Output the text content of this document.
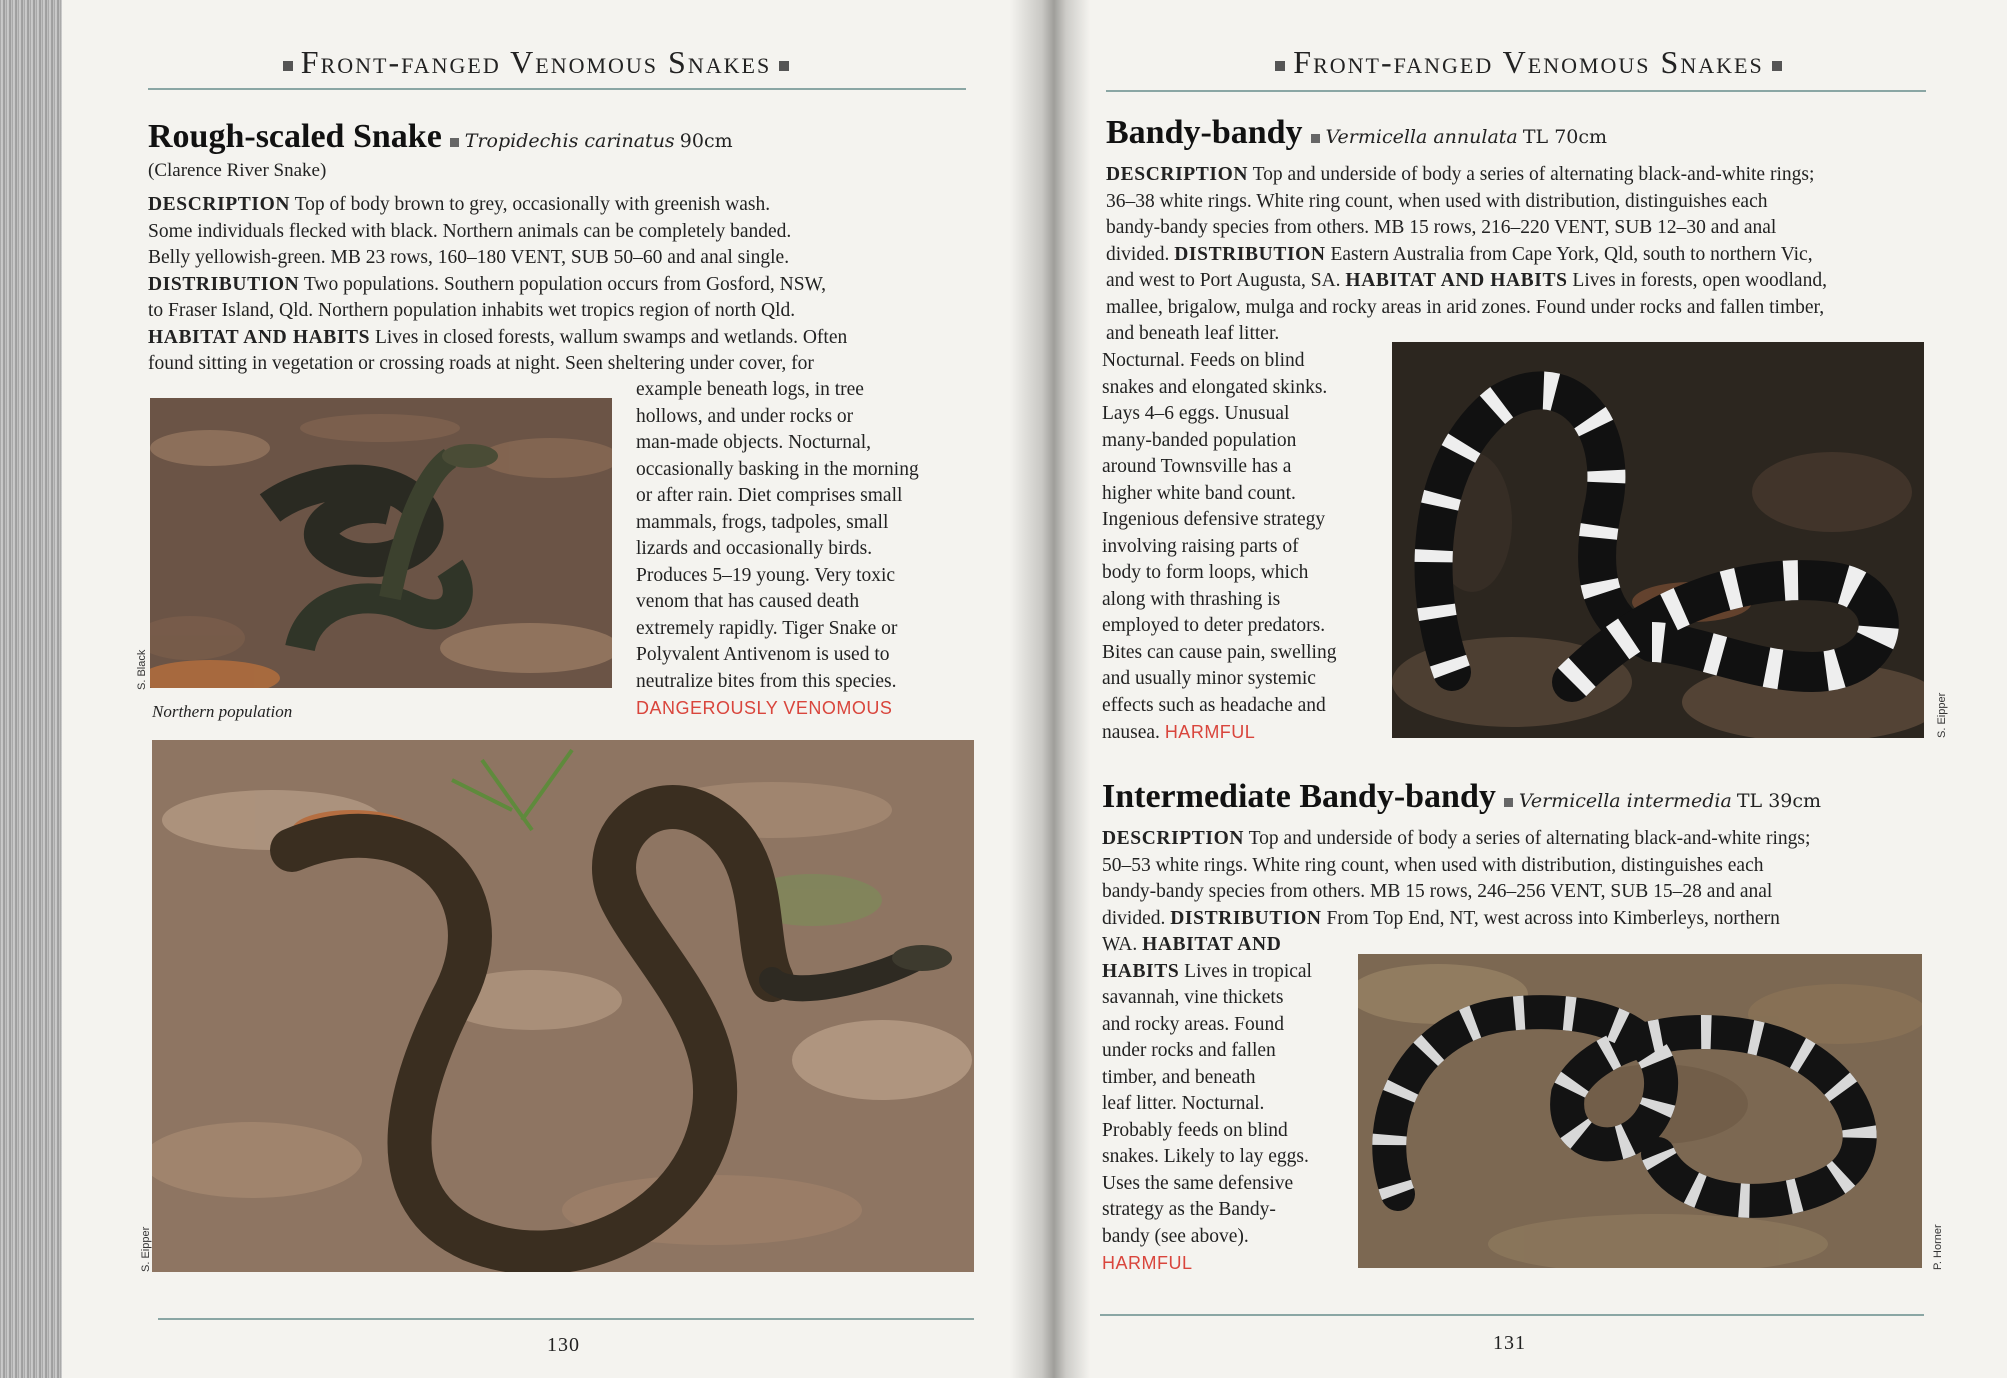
Front-fanged Venomous Snakes
Rough-scaled Snake Tropidechis carinatus 90cm
(Clarence River Snake)
DESCRIPTION Top of body brown to grey, occasionally with greenish wash.
Some individuals flecked with black. Northern animals can be completely banded.
Belly yellowish-green. MB 23 rows, 160–180 VENT, SUB 50–60 and anal single.
DISTRIBUTION Two populations. Southern population occurs from Gosford, NSW,
to Fraser Island, Qld. Northern population inhabits wet tropics region of north Qld.
HABITAT AND HABITS Lives in closed forests, wallum swamps and wetlands. Often
found sitting in vegetation or crossing roads at night. Seen sheltering under cover, for
example beneath logs, in tree
hollows, and under rocks or
man-made objects. Nocturnal,
occasionally basking in the morning
or after rain. Diet comprises small
mammals, frogs, tadpoles, small
lizards and occasionally birds.
Produces 5–19 young. Very toxic
venom that has caused death
extremely rapidly. Tiger Snake or
Polyvalent Antivenom is used to
neutralize bites from this species.
DANGEROUSLY VENOMOUS
Northern population
S. Black
S. Eipper
130
Front-fanged Venomous Snakes
Bandy-bandy Vermicella annulata TL 70cm
DESCRIPTION Top and underside of body a series of alternating black-and-white rings;
36–38 white rings. White ring count, when used with distribution, distinguishes each
bandy-bandy species from others. MB 15 rows, 216–220 VENT, SUB 12–30 and anal
divided. DISTRIBUTION Eastern Australia from Cape York, Qld, south to northern Vic,
and west to Port Augusta, SA. HABITAT AND HABITS Lives in forests, open woodland,
mallee, brigalow, mulga and rocky areas in arid zones. Found under rocks and fallen timber,
and beneath leaf litter.
Nocturnal. Feeds on blind
snakes and elongated skinks.
Lays 4–6 eggs. Unusual
many-banded population
around Townsville has a
higher white band count.
Ingenious defensive strategy
involving raising parts of
body to form loops, which
along with thrashing is
employed to deter predators.
Bites can cause pain, swelling
and usually minor systemic
effects such as headache and
nausea. HARMFUL	S. Eipper
Intermediate Bandy-bandy Vermicella intermedia TL 39cm
DESCRIPTION Top and underside of body a series of alternating black-and-white rings;
50–53 white rings. White ring count, when used with distribution, distinguishes each
bandy-bandy species from others. MB 15 rows, 246–256 VENT, SUB 15–28 and anal
divided. DISTRIBUTION From Top End, NT, west across into Kimberleys, northern
WA. HABITAT AND
HABITS Lives in tropical
savannah, vine thickets
and rocky areas. Found
under rocks and fallen
timber, and beneath
leaf litter. Nocturnal.
Probably feeds on blind
snakes. Likely to lay eggs.
Uses the same defensive
strategy as the Bandy-
bandy (see above).
HARMFUL	P. Horner
131
